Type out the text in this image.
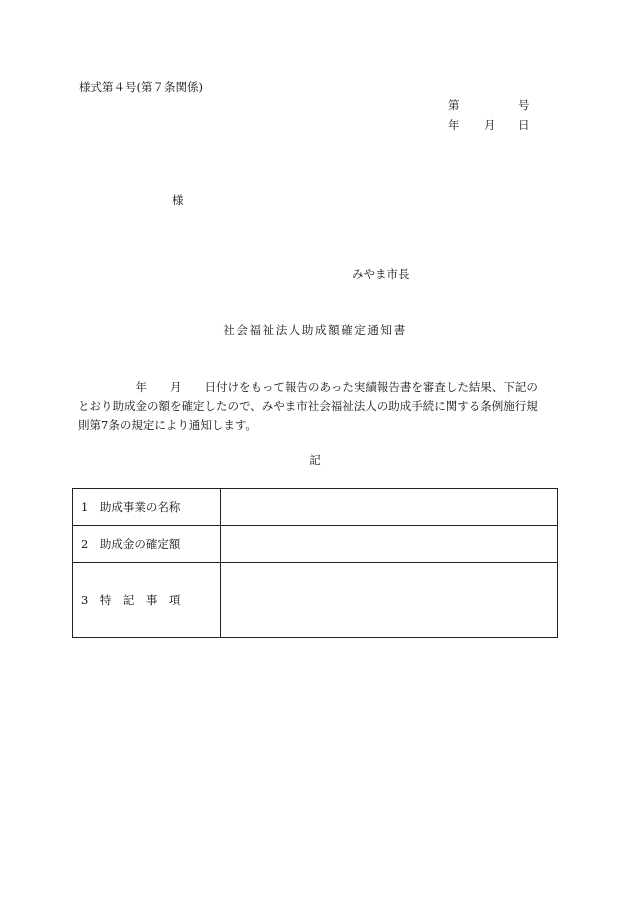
様式第４号(第７条関係)
第	号
年 月 日
様
みやま市長
社会福祉法人助成額確定通知書
　　　　　年　　月　　日付けをもって報告のあった実績報告書を審査した結果、下記の
とおり助成金の額を確定したので、みやま市社会福祉法人の助成手続に関する条例施行規
則第7条の規定により通知します。
記
1　助成事業の名称	
2　助成金の確定額	
3　特　記　事　項	
